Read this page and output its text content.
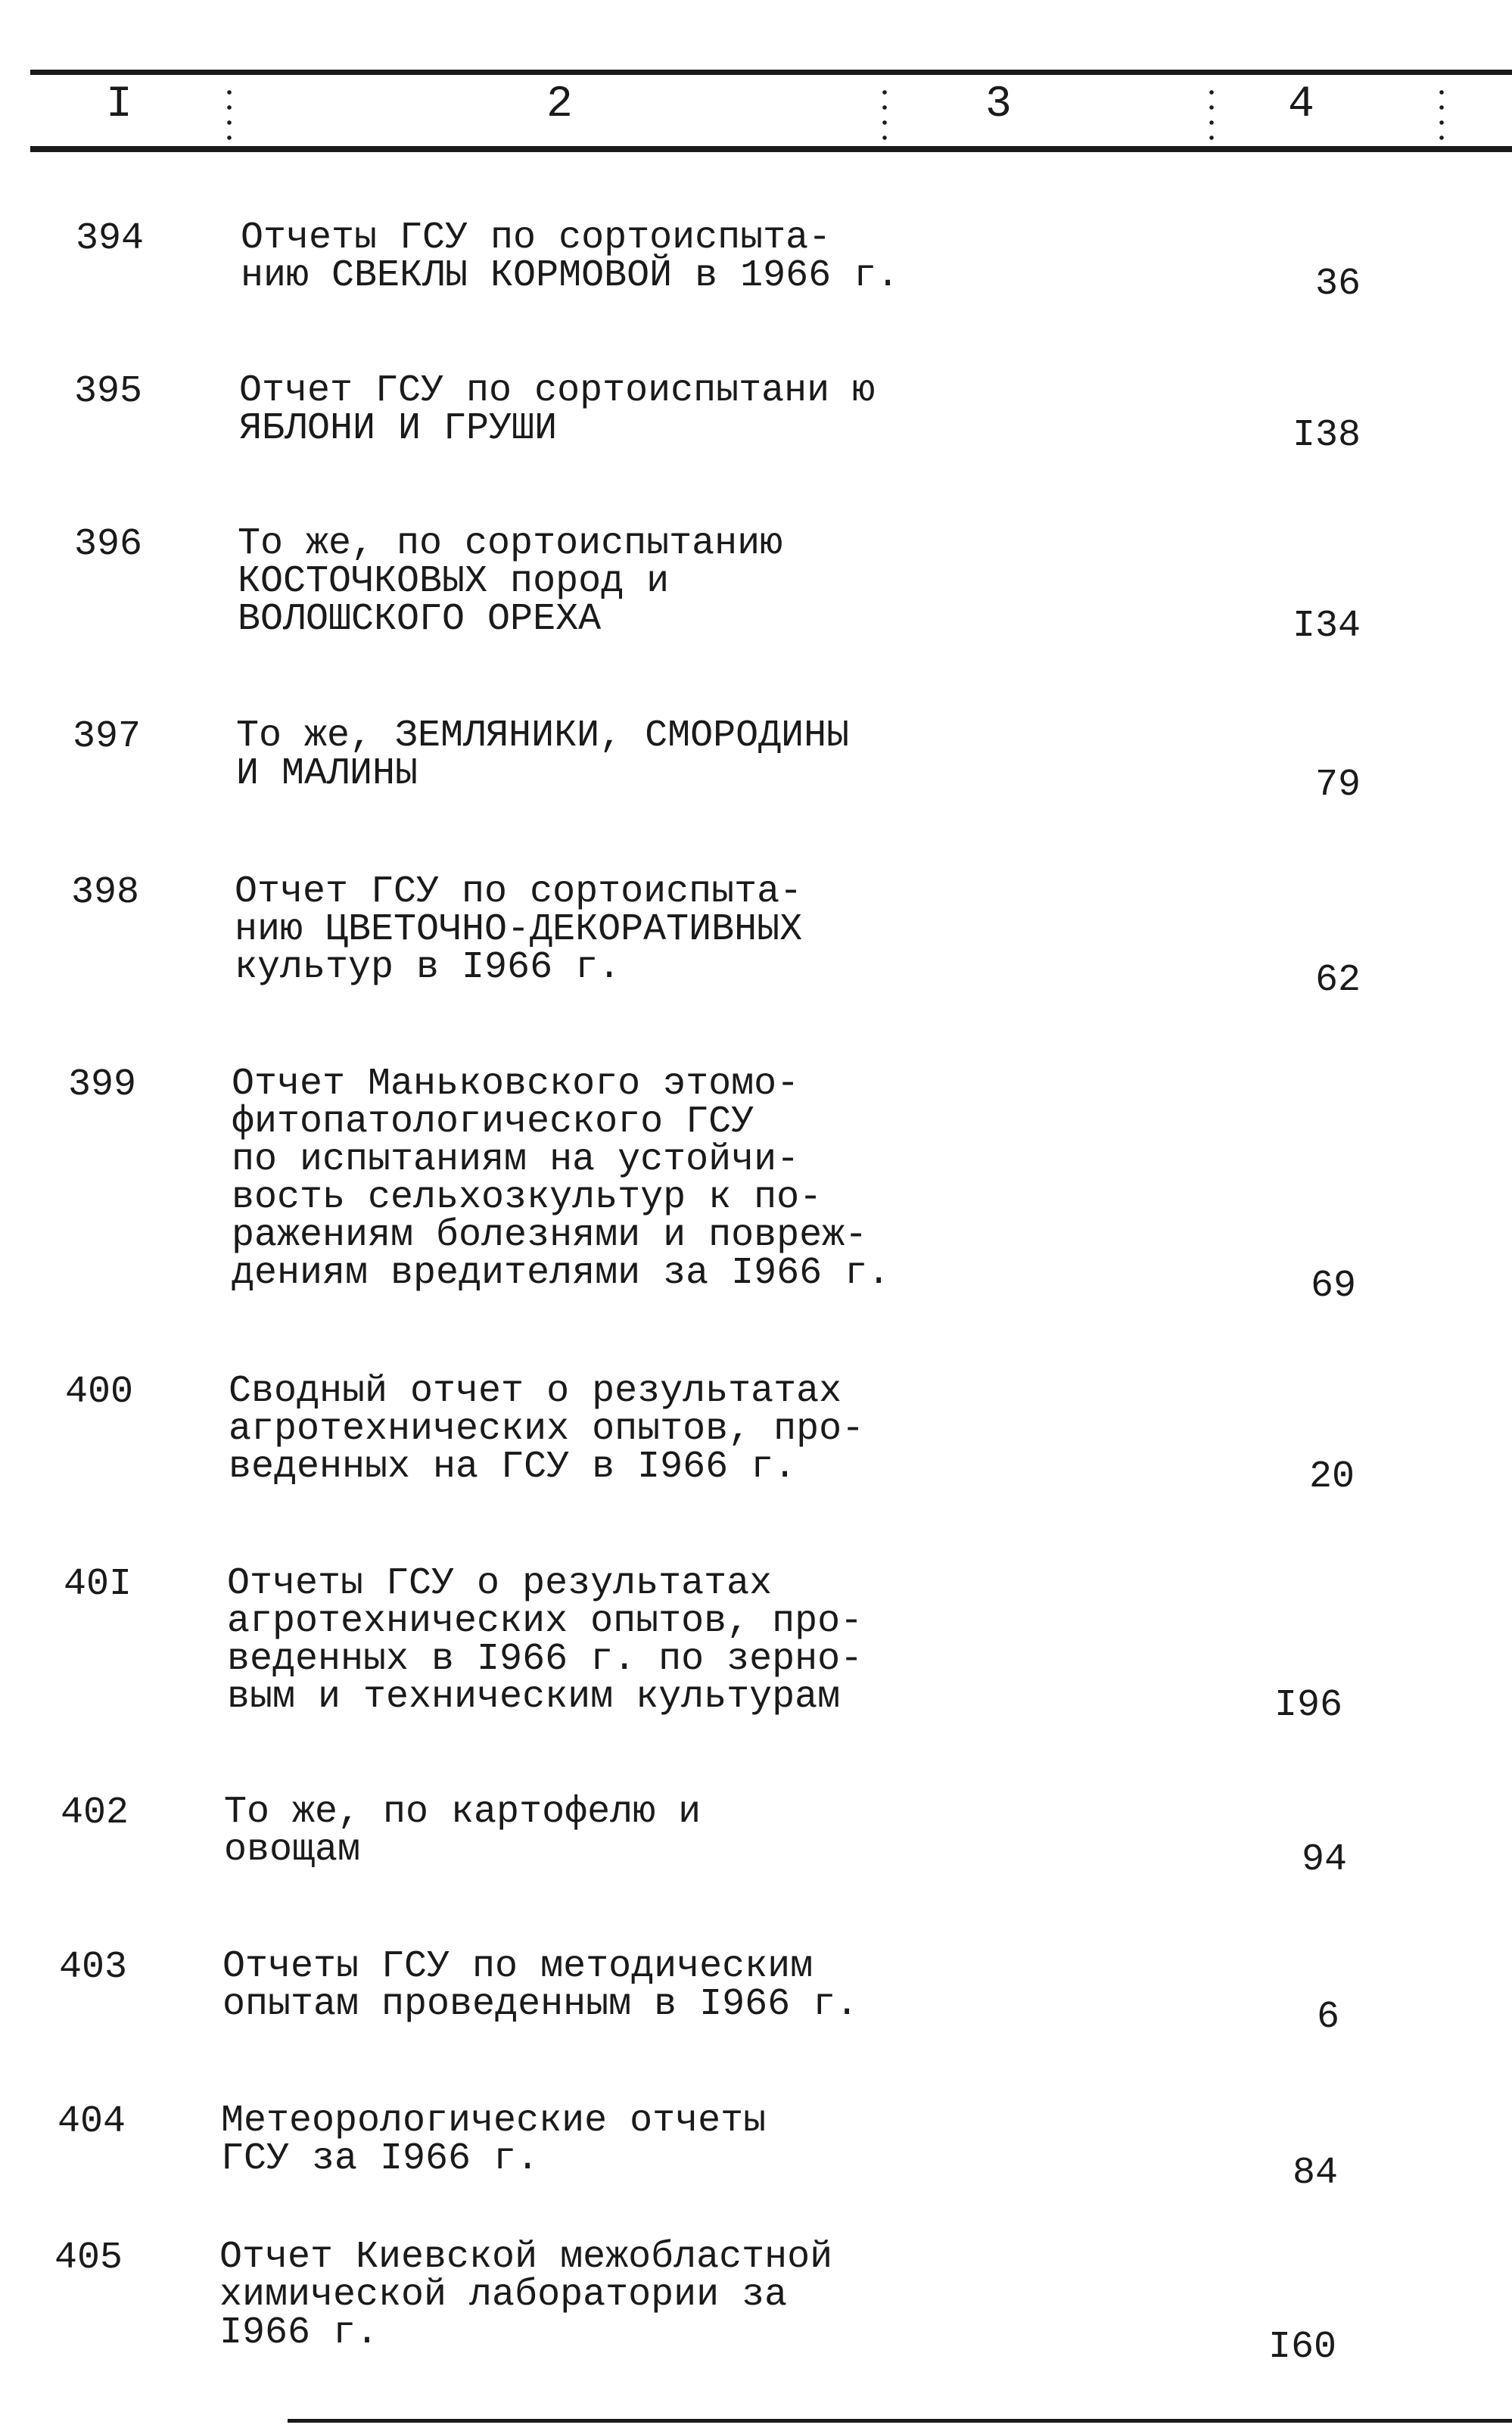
I	2	3	4
394	Отчеты ГСУ по сортоиспыта-
нию СВЕКЛЫ КОРМОВОЙ в 1966 г.	36
395	Отчет ГСУ по сортоиспытани ю
ЯБЛОНИ И ГРУШИ	I38
396	То же, по сортоиспытанию
КОСТОЧКОВЫХ пород и
ВОЛОШСКОГО ОРЕХА	I34
397	То же, ЗЕМЛЯНИКИ, СМОРОДИНЫ
И МАЛИНЫ	79
398	Отчет ГСУ по сортоиспыта-
нию ЦВЕТОЧНО-ДЕКОРАТИВНЫХ
культур в I966 г.	62
399	Отчет Маньковского этомо-
фитопатологического ГСУ
по испытаниям на устойчи-
вость сельхозкультур к по-
ражениям болезнями и повреж-
дениям вредителями за I966 г.	69
400	Сводный отчет о результатах
агротехнических опытов, про-
веденных на ГСУ в I966 г.	20
40I	Отчеты ГСУ о результатах
агротехнических опытов, про-
веденных в I966 г. по зерно-
вым и техническим культурам	I96
402	То же, по картофелю и
овощам	94
403	Отчеты ГСУ по методическим
опытам проведенным в I966 г.	6
404	Метеорологические отчеты
ГСУ за I966 г.	84
405	Отчет Киевской межобластной
химической лаборатории за
I966 г.	I60
